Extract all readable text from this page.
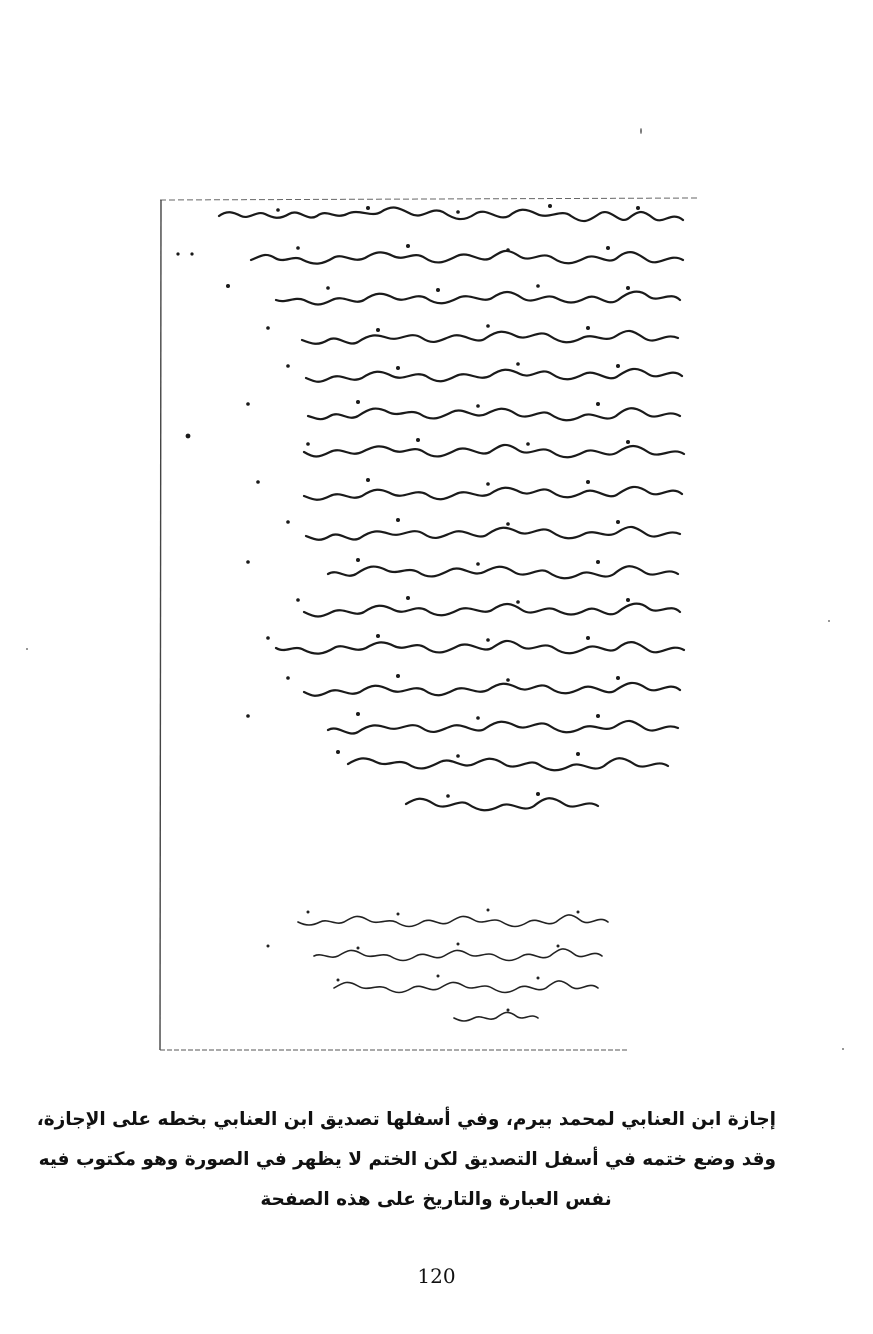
إجازة ابن العنابي لمحمد بيرم، وفي أسفلها تصديق ابن العنابي بخطه على الإجازة،
وقد وضع ختمه في أسفل التصديق لكن الختم لا يظهر في الصورة وهو مكتوب فيه
نفس العبارة والتاريخ على هذه الصفحة
120
